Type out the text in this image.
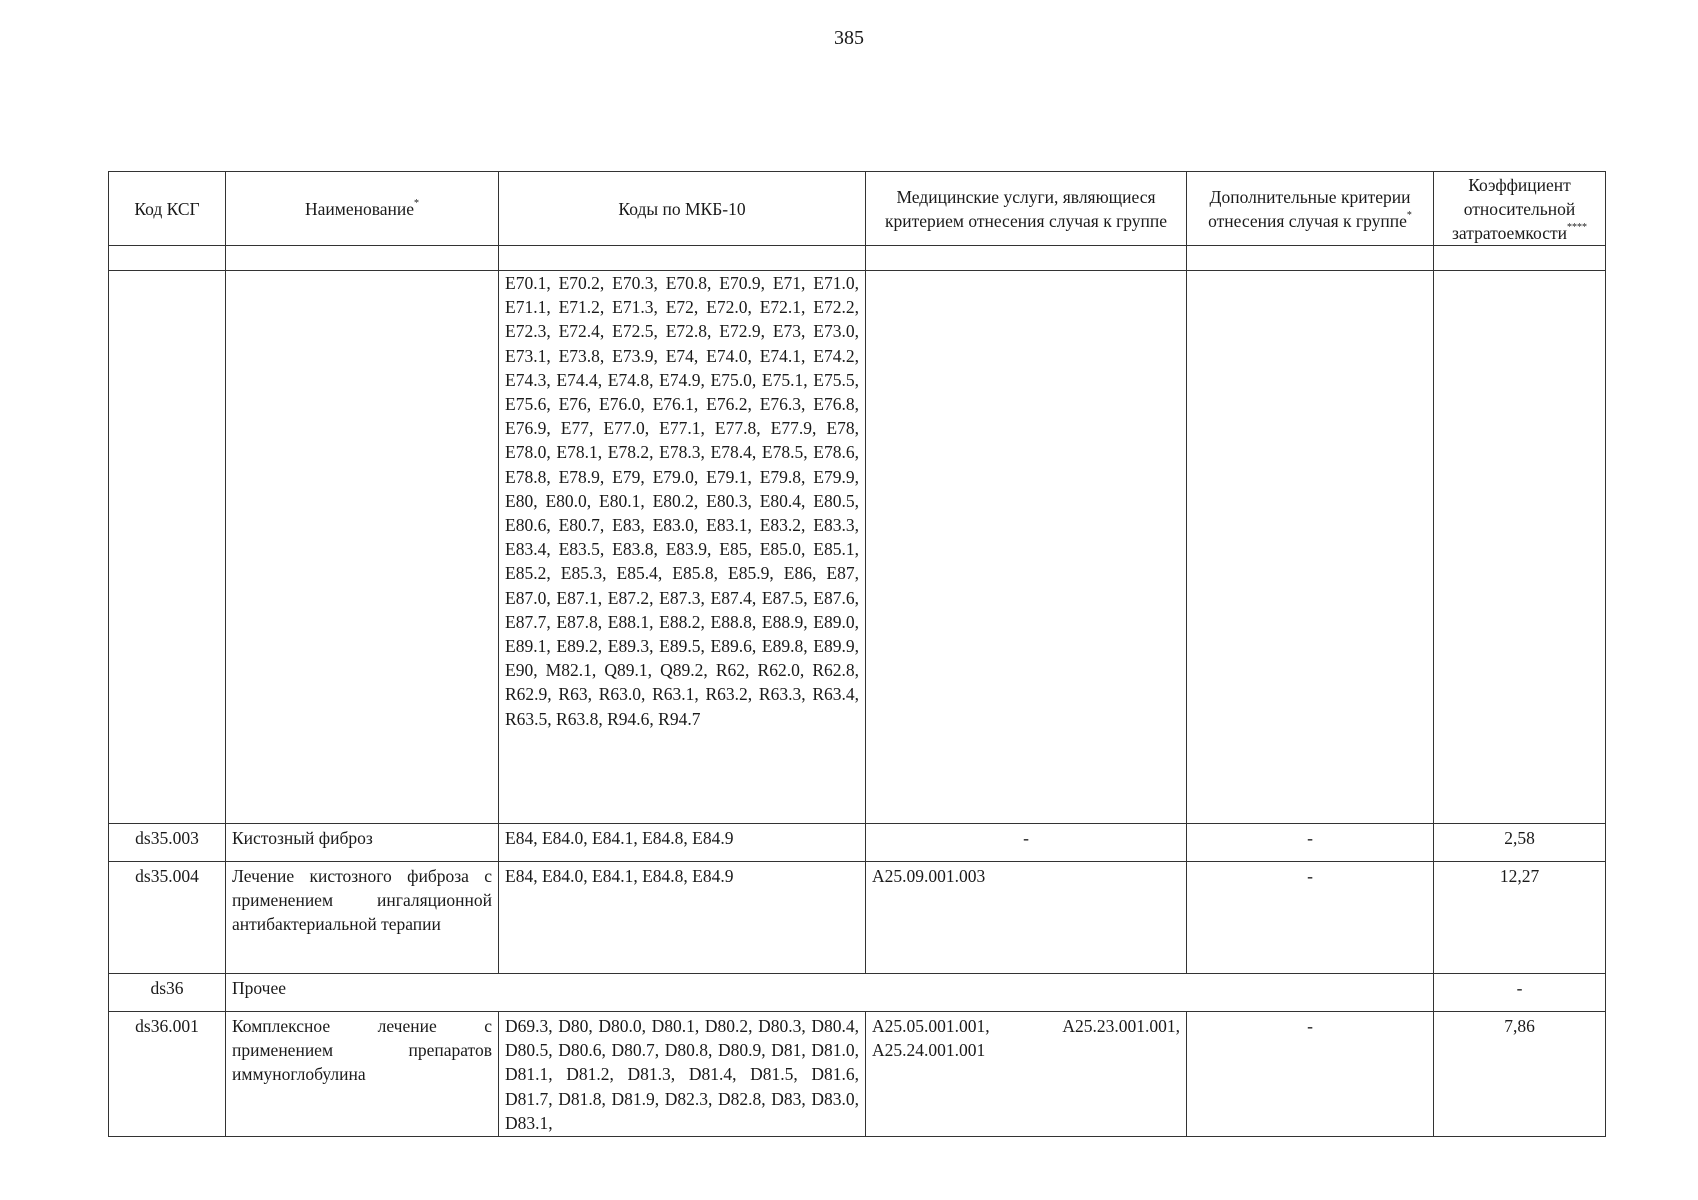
385
Код КСГ	Наименование*	Коды по МКБ-10	Медицинские услуги, являющиеся критерием отнесения случая к группе	Дополнительные критерии отнесения случая к группе*	Коэффициент относительной затратоемкости****

		E70.1, E70.2, E70.3, E70.8, E70.9, E71, E71.0, E71.1, E71.2, E71.3, E72, E72.0, E72.1, E72.2, E72.3, E72.4, E72.5, E72.8, E72.9, E73, E73.0, E73.1, E73.8, E73.9, E74, E74.0, E74.1, E74.2, E74.3, E74.4, E74.8, E74.9, E75.0, E75.1, E75.5, E75.6, E76, E76.0, E76.1, E76.2, E76.3, E76.8, E76.9, E77, E77.0, E77.1, E77.8, E77.9, E78, E78.0, E78.1, E78.2, E78.3, E78.4, E78.5, E78.6, E78.8, E78.9, E79, E79.0, E79.1, E79.8, E79.9, E80, E80.0, E80.1, E80.2, E80.3, E80.4, E80.5, E80.6, E80.7, E83, E83.0, E83.1, E83.2, E83.3, E83.4, E83.5, E83.8, E83.9, E85, E85.0, E85.1, E85.2, E85.3, E85.4, E85.8, E85.9, E86, E87, E87.0, E87.1, E87.2, E87.3, E87.4, E87.5, E87.6, E87.7, E87.8, E88.1, E88.2, E88.8, E88.9, E89.0, E89.1, E89.2, E89.3, E89.5, E89.6, E89.8, E89.9, E90, M82.1, Q89.1, Q89.2, R62, R62.0, R62.8, R62.9, R63, R63.0, R63.1, R63.2, R63.3, R63.4, R63.5, R63.8, R94.6, R94.7			
ds35.003	Кистозный фиброз	E84, E84.0, E84.1, E84.8, E84.9	-	-	2,58
ds35.004	Лечение кистозного фиброза с применением ингаляционной антибактериальной терапии	E84, E84.0, E84.1, E84.8, E84.9	A25.09.001.003	-	12,27
ds36	Прочее				-
ds36.001	Комплексное лечение с применением препаратов иммуноглобулина	D69.3, D80, D80.0, D80.1, D80.2, D80.3, D80.4, D80.5, D80.6, D80.7, D80.8, D80.9, D81, D81.0, D81.1, D81.2, D81.3, D81.4, D81.5, D81.6, D81.7, D81.8, D81.9, D82.3, D82.8, D83, D83.0, D83.1,	A25.05.001.001, A25.23.001.001,
A25.24.001.001	-	7,86
